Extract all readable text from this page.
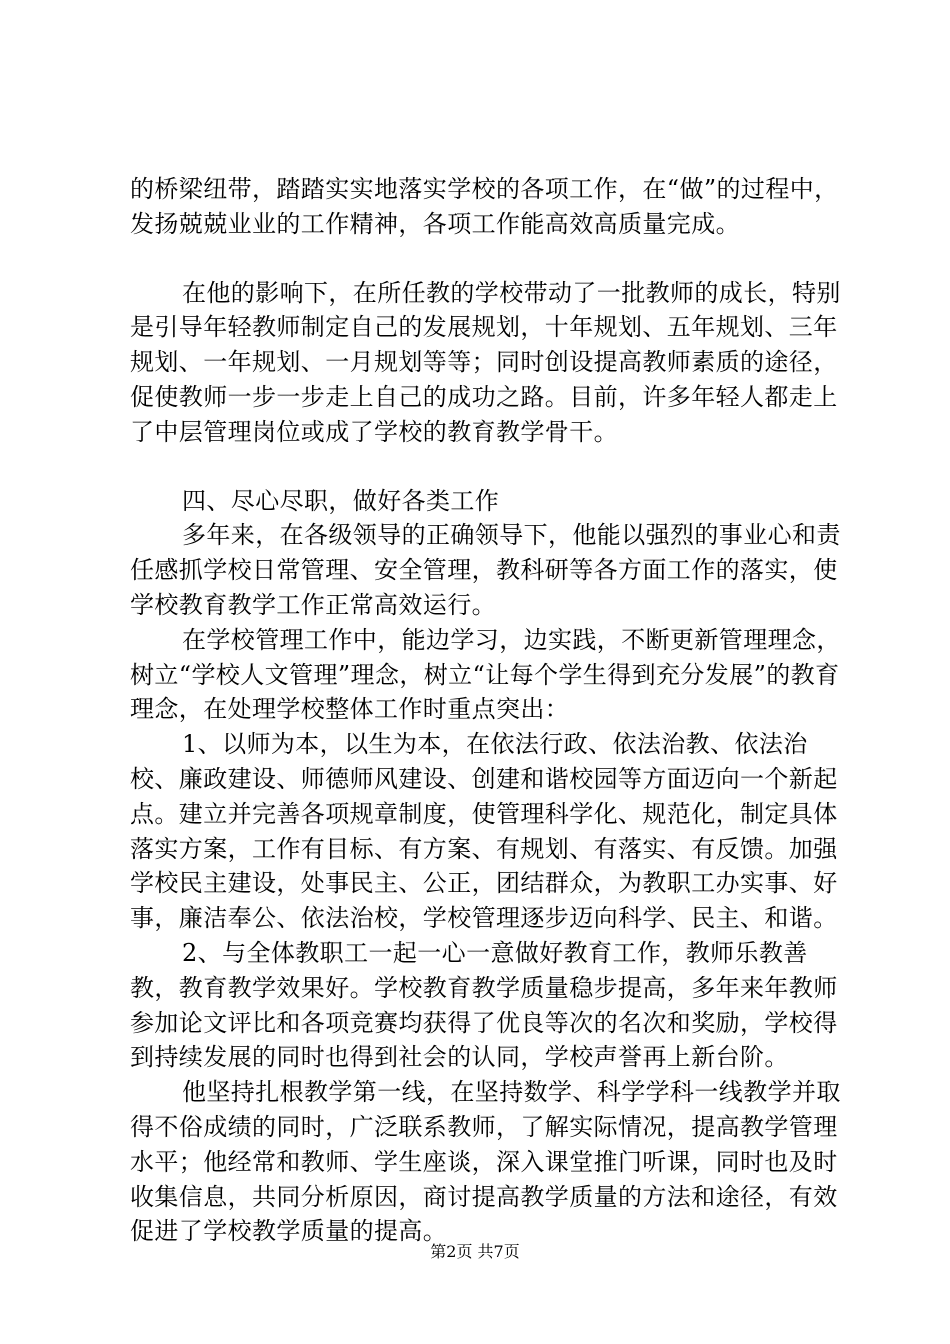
的桥梁纽带，踏踏实实地落实学校的各项工作，在“做”的过程中，发扬兢兢业业的工作精神，各项工作能高效高质量完成。

在他的影响下，在所任教的学校带动了一批教师的成长，特别是引导年轻教师制定自己的发展规划，十年规划、五年规划、三年规划、一年规划、一月规划等等；同时创设提高教师素质的途径，促使教师一步一步走上自己的成功之路。目前，许多年轻人都走上了中层管理岗位或成了学校的教育教学骨干。

四、尽心尽职，做好各类工作

多年来，在各级领导的正确领导下，他能以强烈的事业心和责任感抓学校日常管理、安全管理，教科研等各方面工作的落实，使学校教育教学工作正常高效运行。

在学校管理工作中，能边学习，边实践，不断更新管理理念，树立“学校人文管理”理念，树立“让每个学生得到充分发展”的教育理念，在处理学校整体工作时重点突出：

1、以师为本，以生为本，在依法行政、依法治教、依法治校、廉政建设、师德师风建设、创建和谐校园等方面迈向一个新起点。建立并完善各项规章制度，使管理科学化、规范化，制定具体落实方案，工作有目标、有方案、有规划、有落实、有反馈。加强学校民主建设，处事民主、公正，团结群众，为教职工办实事、好事，廉洁奉公、依法治校，学校管理逐步迈向科学、民主、和谐。

2、与全体教职工一起一心一意做好教育工作，教师乐教善教，教育教学效果好。学校教育教学质量稳步提高，多年来年教师参加论文评比和各项竞赛均获得了优良等次的名次和奖励，学校得到持续发展的同时也得到社会的认同，学校声誉再上新台阶。

他坚持扎根教学第一线，在坚持数学、科学学科一线教学并取得不俗成绩的同时，广泛联系教师，了解实际情况，提高教学管理水平；他经常和教师、学生座谈，深入课堂推门听课，同时也及时收集信息，共同分析原因，商讨提高教学质量的方法和途径，有效促进了学校教学质量的提高。

第2页 共7页
